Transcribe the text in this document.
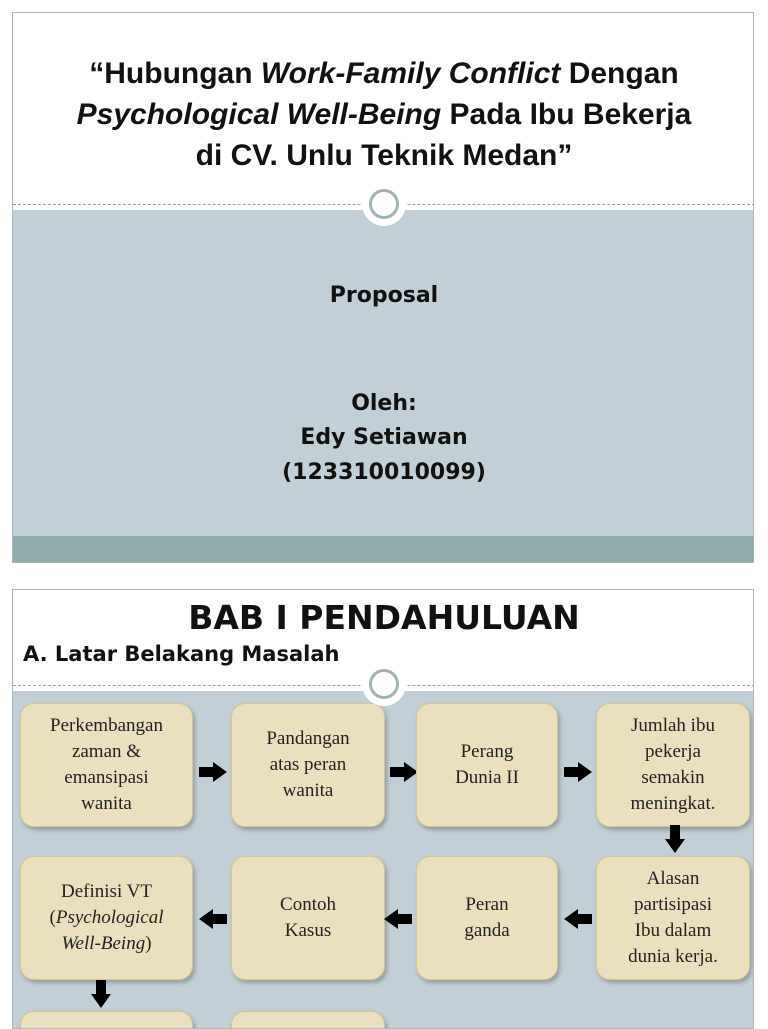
“Hubungan Work-Family Conflict Dengan
Psychological Well-Being Pada Ibu Bekerja
di CV. Unlu Teknik Medan”
Proposal
Oleh:
Edy Setiawan
(123310010099)
BAB I PENDAHULUAN
A. Latar Belakang Masalah
Perkembangan
zaman &
emansipasi
wanita
Pandangan
atas peran
wanita
Perang
Dunia II
Jumlah ibu
pekerja
semakin
meningkat.
Definisi VT
(Psychological
Well-Being)
Contoh
Kasus
Peran
ganda
Alasan
partisipasi
Ibu dalam
dunia kerja.
